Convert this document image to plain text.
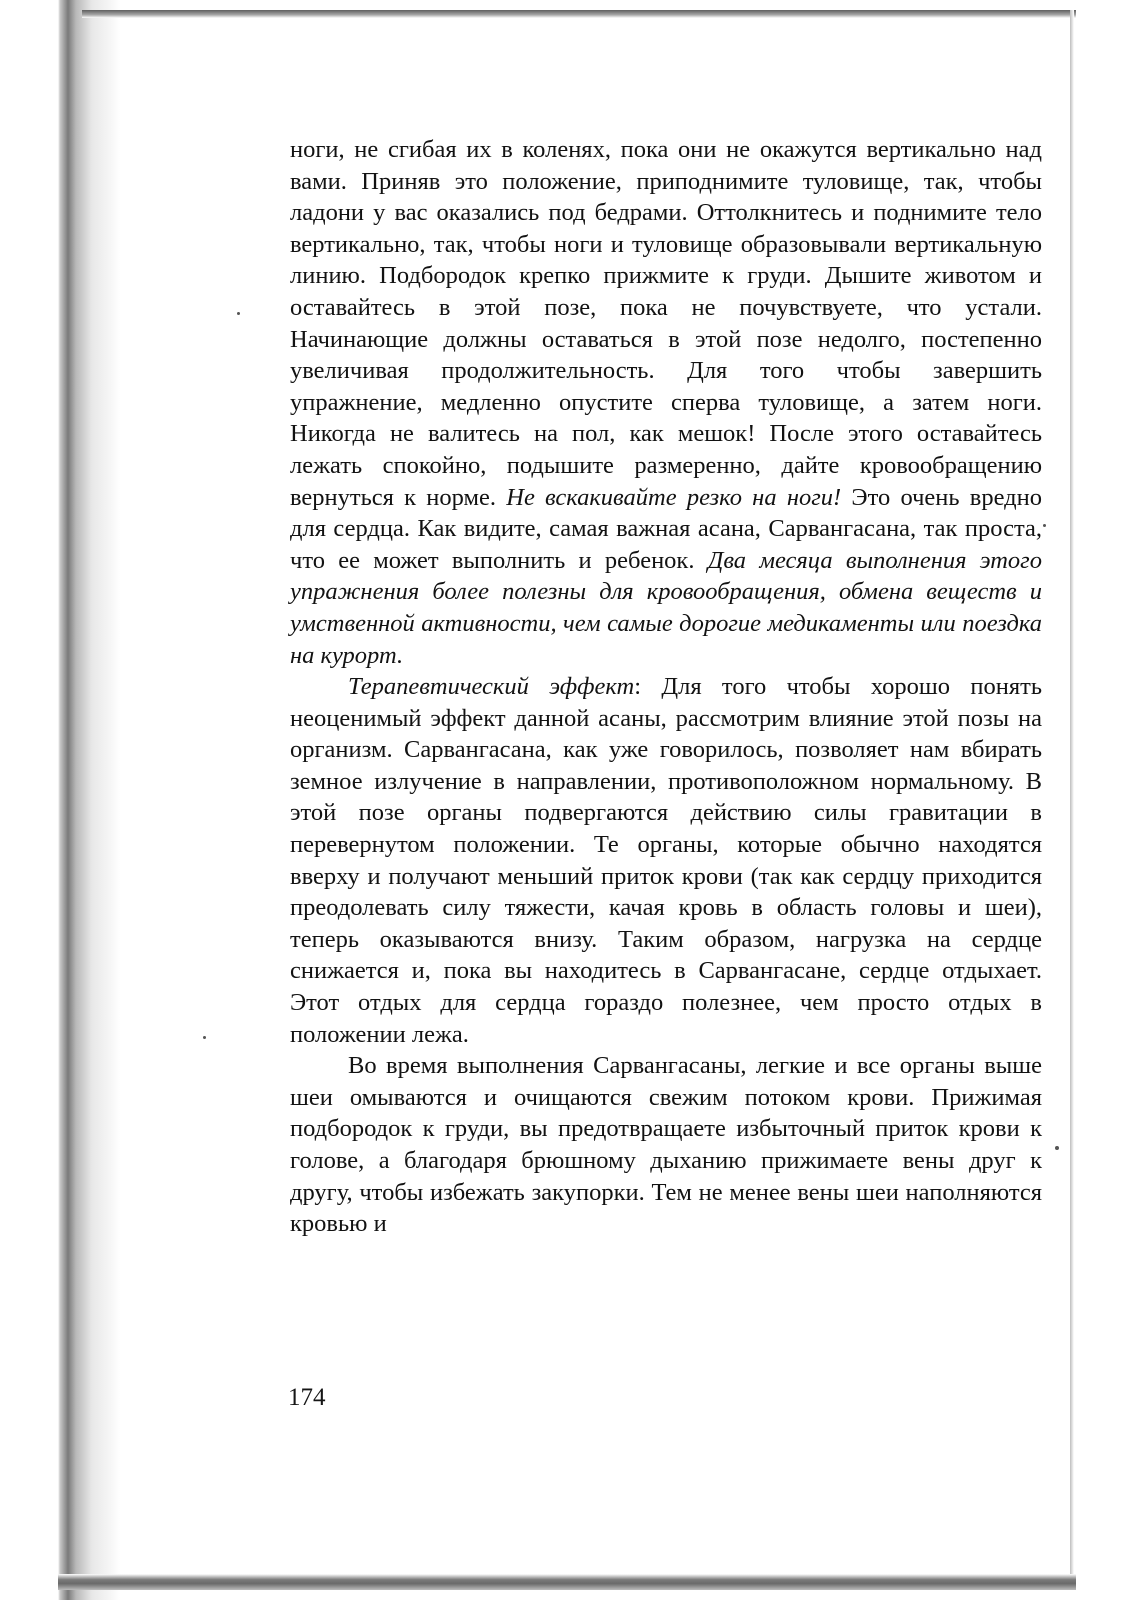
ноги, не сгибая их в коленях, пока они не окажутся вертикально над вами. Приняв это положение, приподнимите туловище, так, чтобы ладони у вас оказались под бедрами. Оттолкнитесь и поднимите тело вертикально, так, чтобы ноги и туловище образовывали вертикальную линию. Подбородок крепко прижмите к груди. Дышите животом и оставайтесь в этой позе, пока не почувствуете, что устали. Начинающие должны оставаться в этой позе недолго, постепенно увеличивая продолжительность. Для того чтобы завершить упражнение, медленно опустите сперва туловище, а затем ноги. Никогда не валитесь на пол, как мешок! После этого оставайтесь лежать спокойно, подышите размеренно, дайте кровообращению вернуться к норме. Не вскакивайте резко на ноги! Это очень вредно для сердца. Как видите, самая важная асана, Сарвангасана, так проста, что ее может выполнить и ребенок. Два месяца выполнения этого упражнения более полезны для кровообращения, обмена веществ и умственной активности, чем самые дорогие медикаменты или поездка на курорт.

Терапевтический эффект: Для того чтобы хорошо понять неоценимый эффект данной асаны, рассмотрим влияние этой позы на организм. Сарвангасана, как уже говорилось, позволяет нам вбирать земное излучение в направлении, противоположном нормальному. В этой позе органы подвергаются действию силы гравитации в перевернутом положении. Те органы, которые обычно находятся вверху и получают меньший приток крови (так как сердцу приходится преодолевать силу тяжести, качая кровь в область головы и шеи), теперь оказываются внизу. Таким образом, нагрузка на сердце снижается и, пока вы находитесь в Сарвангасане, сердце отдыхает. Этот отдых для сердца гораздо полезнее, чем просто отдых в положении лежа.

Во время выполнения Сарвангасаны, легкие и все органы выше шеи омываются и очищаются свежим потоком крови. Прижимая подбородок к груди, вы предотвращаете избыточный приток крови к голове, а благодаря брюшному дыханию прижимаете вены друг к другу, чтобы избежать закупорки. Тем не менее вены шеи наполняются кровью и

174
